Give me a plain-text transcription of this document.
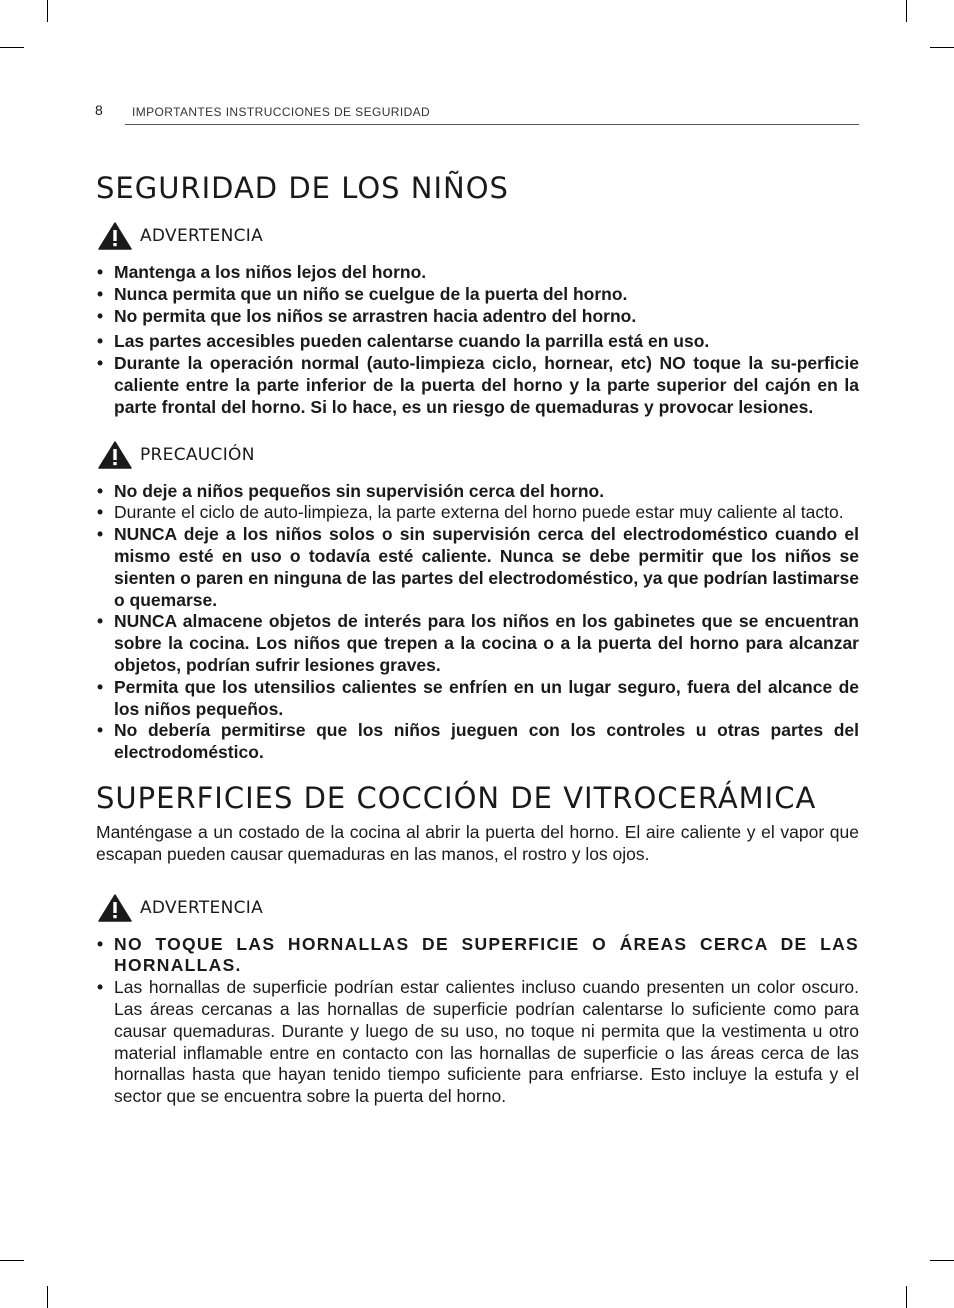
8 IMPORTANTES INSTRUCCIONES DE SEGURIDAD
SEGURIDAD DE LOS NIÑOS
ADVERTENCIA
• Mantenga a los niños lejos del horno.
• Nunca permita que un niño se cuelgue de la puerta del horno.
• No permita que los niños se arrastren hacia adentro del horno.
• Las partes accesibles pueden calentarse cuando la parrilla está en uso.
• Durante la operación normal (auto-limpieza ciclo, hornear, etc) NO toque la su-perﬁcie caliente entre la parte inferior de la puerta del horno y la parte superior del cajón en la parte frontal del horno. Si lo hace, es un riesgo de quemaduras y provocar lesiones.
PRECAUCIÓN
• No deje a niños pequeños sin supervisión cerca del horno.
• Durante el ciclo de auto-limpieza, la parte externa del horno puede estar muy caliente al tacto.
• NUNCA deje a los niños solos o sin supervisión cerca del electrodoméstico cuando el mismo esté en uso o todavía esté caliente. Nunca se debe permitir que los niños se sienten o paren en ninguna de las partes del electrodoméstico, ya que podrían lastimarse o quemarse.
• NUNCA almacene objetos de interés para los niños en los gabinetes que se encuentran sobre la cocina. Los niños que trepen a la cocina o a la puerta del horno para alcanzar objetos, podrían sufrir lesiones graves.
• Permita que los utensilios calientes se enfríen en un lugar seguro, fuera del alcance de los niños pequeños.
• No debería permitirse que los niños jueguen con los controles u otras partes del electrodoméstico.
SUPERFICIES DE COCCIÓN DE VITROCERÁMICA

Manténgase a un costado de la cocina al abrir la puerta del horno. El aire caliente y el vapor que escapan pueden causar quemaduras en las manos, el rostro y los ojos.

ADVERTENCIA
• NO TOQUE LAS HORNALLAS DE SUPERFICIE O ÁREAS CERCA DE LAS HORNALLAS.
• Las hornallas de superficie podrían estar calientes incluso cuando presenten un color oscuro. Las áreas cercanas a las hornallas de superficie podrían calentarse lo suficiente como para causar quemaduras. Durante y luego de su uso, no toque ni permita que la vestimenta u otro material inflamable entre en contacto con las hornallas de superficie o las áreas cerca de las hornallas hasta que hayan tenido tiempo suﬁciente para enfriarse. Esto incluye la estufa y el sector que se encuentra sobre la puerta del horno.
